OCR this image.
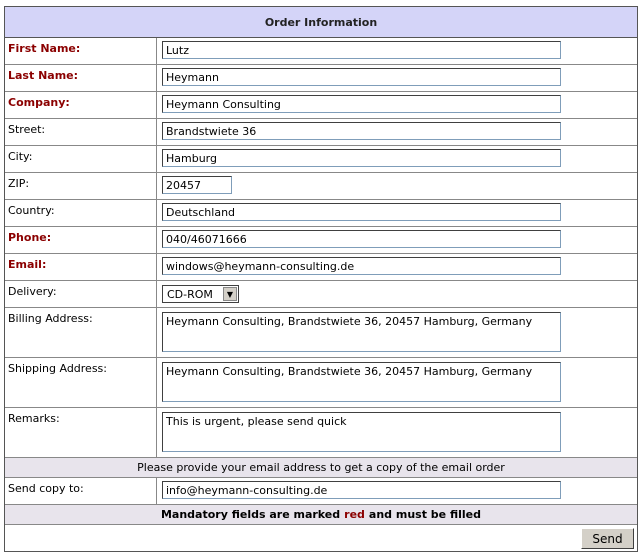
Order Information
First Name:
Lutz
Last Name:
Heymann
Company:
Heymann Consulting
Street:
Brandstwiete 36
City:
Hamburg
ZIP:
20457
Country:
Deutschland
Phone:
040/46071666
Email:
windows@heymann-consulting.de
Delivery:	CD-ROM	▼
Billing Address:
Heymann Consulting, Brandstwiete 36, 20457 Hamburg, Germany
Shipping Address:
Heymann Consulting, Brandstwiete 36, 20457 Hamburg, Germany
Remarks:
This is urgent, please send quick
Please provide your email address to get a copy of the email order
Send copy to:
info@heymann-consulting.de
Mandatory fields are marked red and must be filled
Send
